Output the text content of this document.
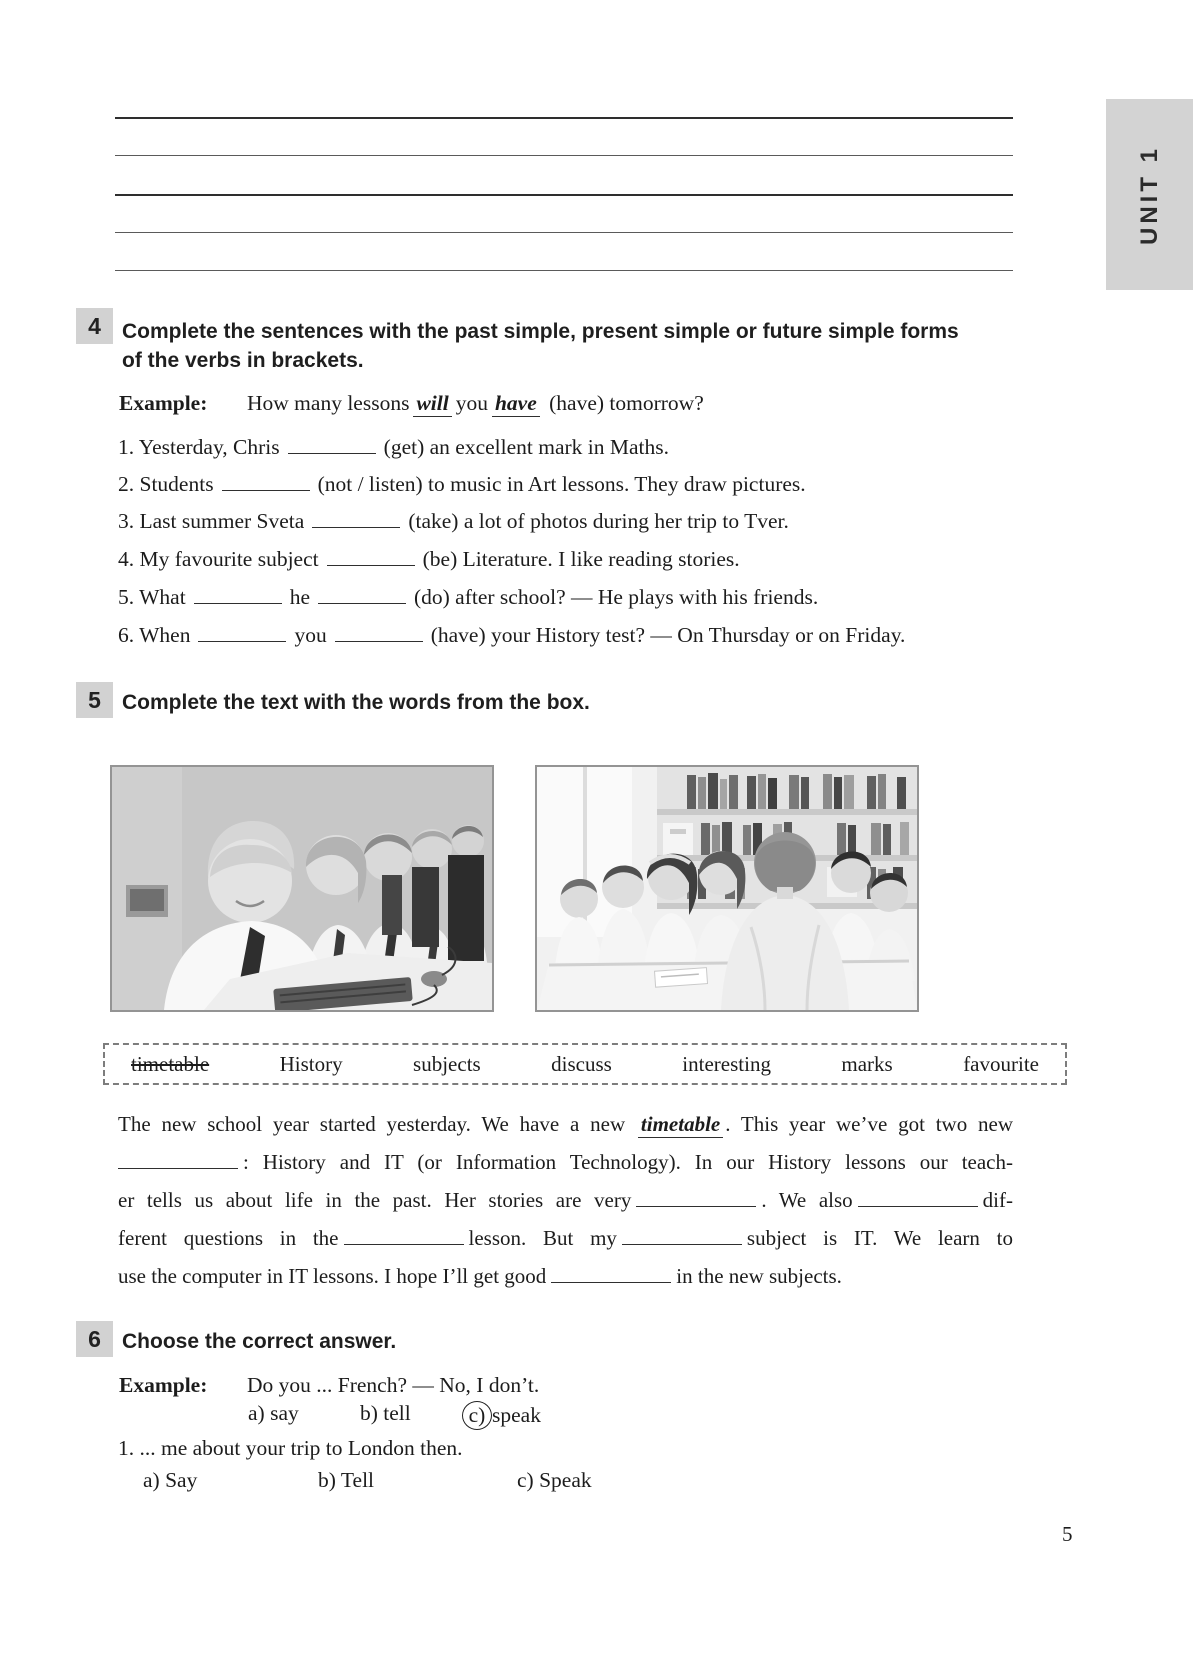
UNIT 1
4	Complete the sentences with the past simple, present simple or future simple forms
of the verbs in brackets.
Example: How many lessons will you have (have) tomorrow?
1. Yesterday, Chris	(get) an excellent mark in Maths.
2. Students	(not / listen) to music in Art lessons. They draw pictures.
3. Last summer Sveta	(take) a lot of photos during her trip to Tver.
4. My favourite subject	(be) Literature. I like reading stories.
5. What	he	(do) after school? — He plays with his friends.
6. When	you	(have) your History test? — On Thursday or on Friday.
5	Complete the text with the words from the box.
timetable	History	subjects	discuss	interesting	marks	favourite
The new school year started yesterday. We have a new timetable . This year we’ve got two new
: History and IT (or Information Technology). In our History lessons our teach-
er tells us about life in the past. Her stories are very	. We also	dif-
ferent questions in the	lesson. But my	subject is IT. We learn to
use the computer in IT lessons. I hope I’ll get good	in the new subjects.
6	Choose the correct answer.
Example: Do you ... French? — No, I don’t.
a) say	b) tell	c) speak
1. ... me about your trip to London then.
a) Say	b) Tell	c) Speak
5
